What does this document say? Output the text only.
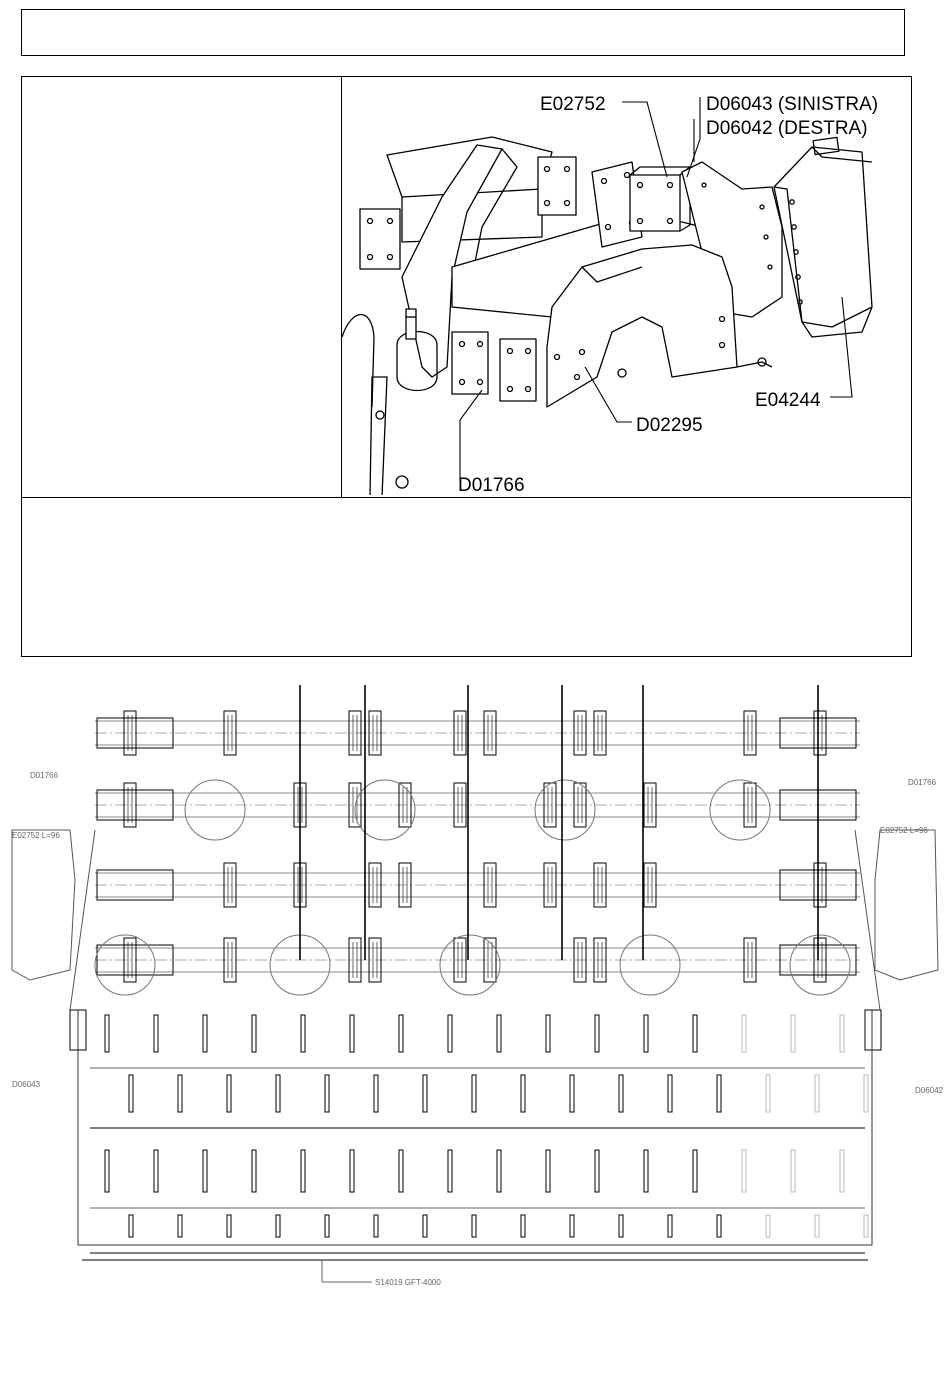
E02752	D06043 (SINISTRA)
D06042 (DESTRA)
E04244
D02295
D01766
D01766
D01766
E02752 L=96
E02752 L=96
D06043
D06042
S14019 GFT-4000
